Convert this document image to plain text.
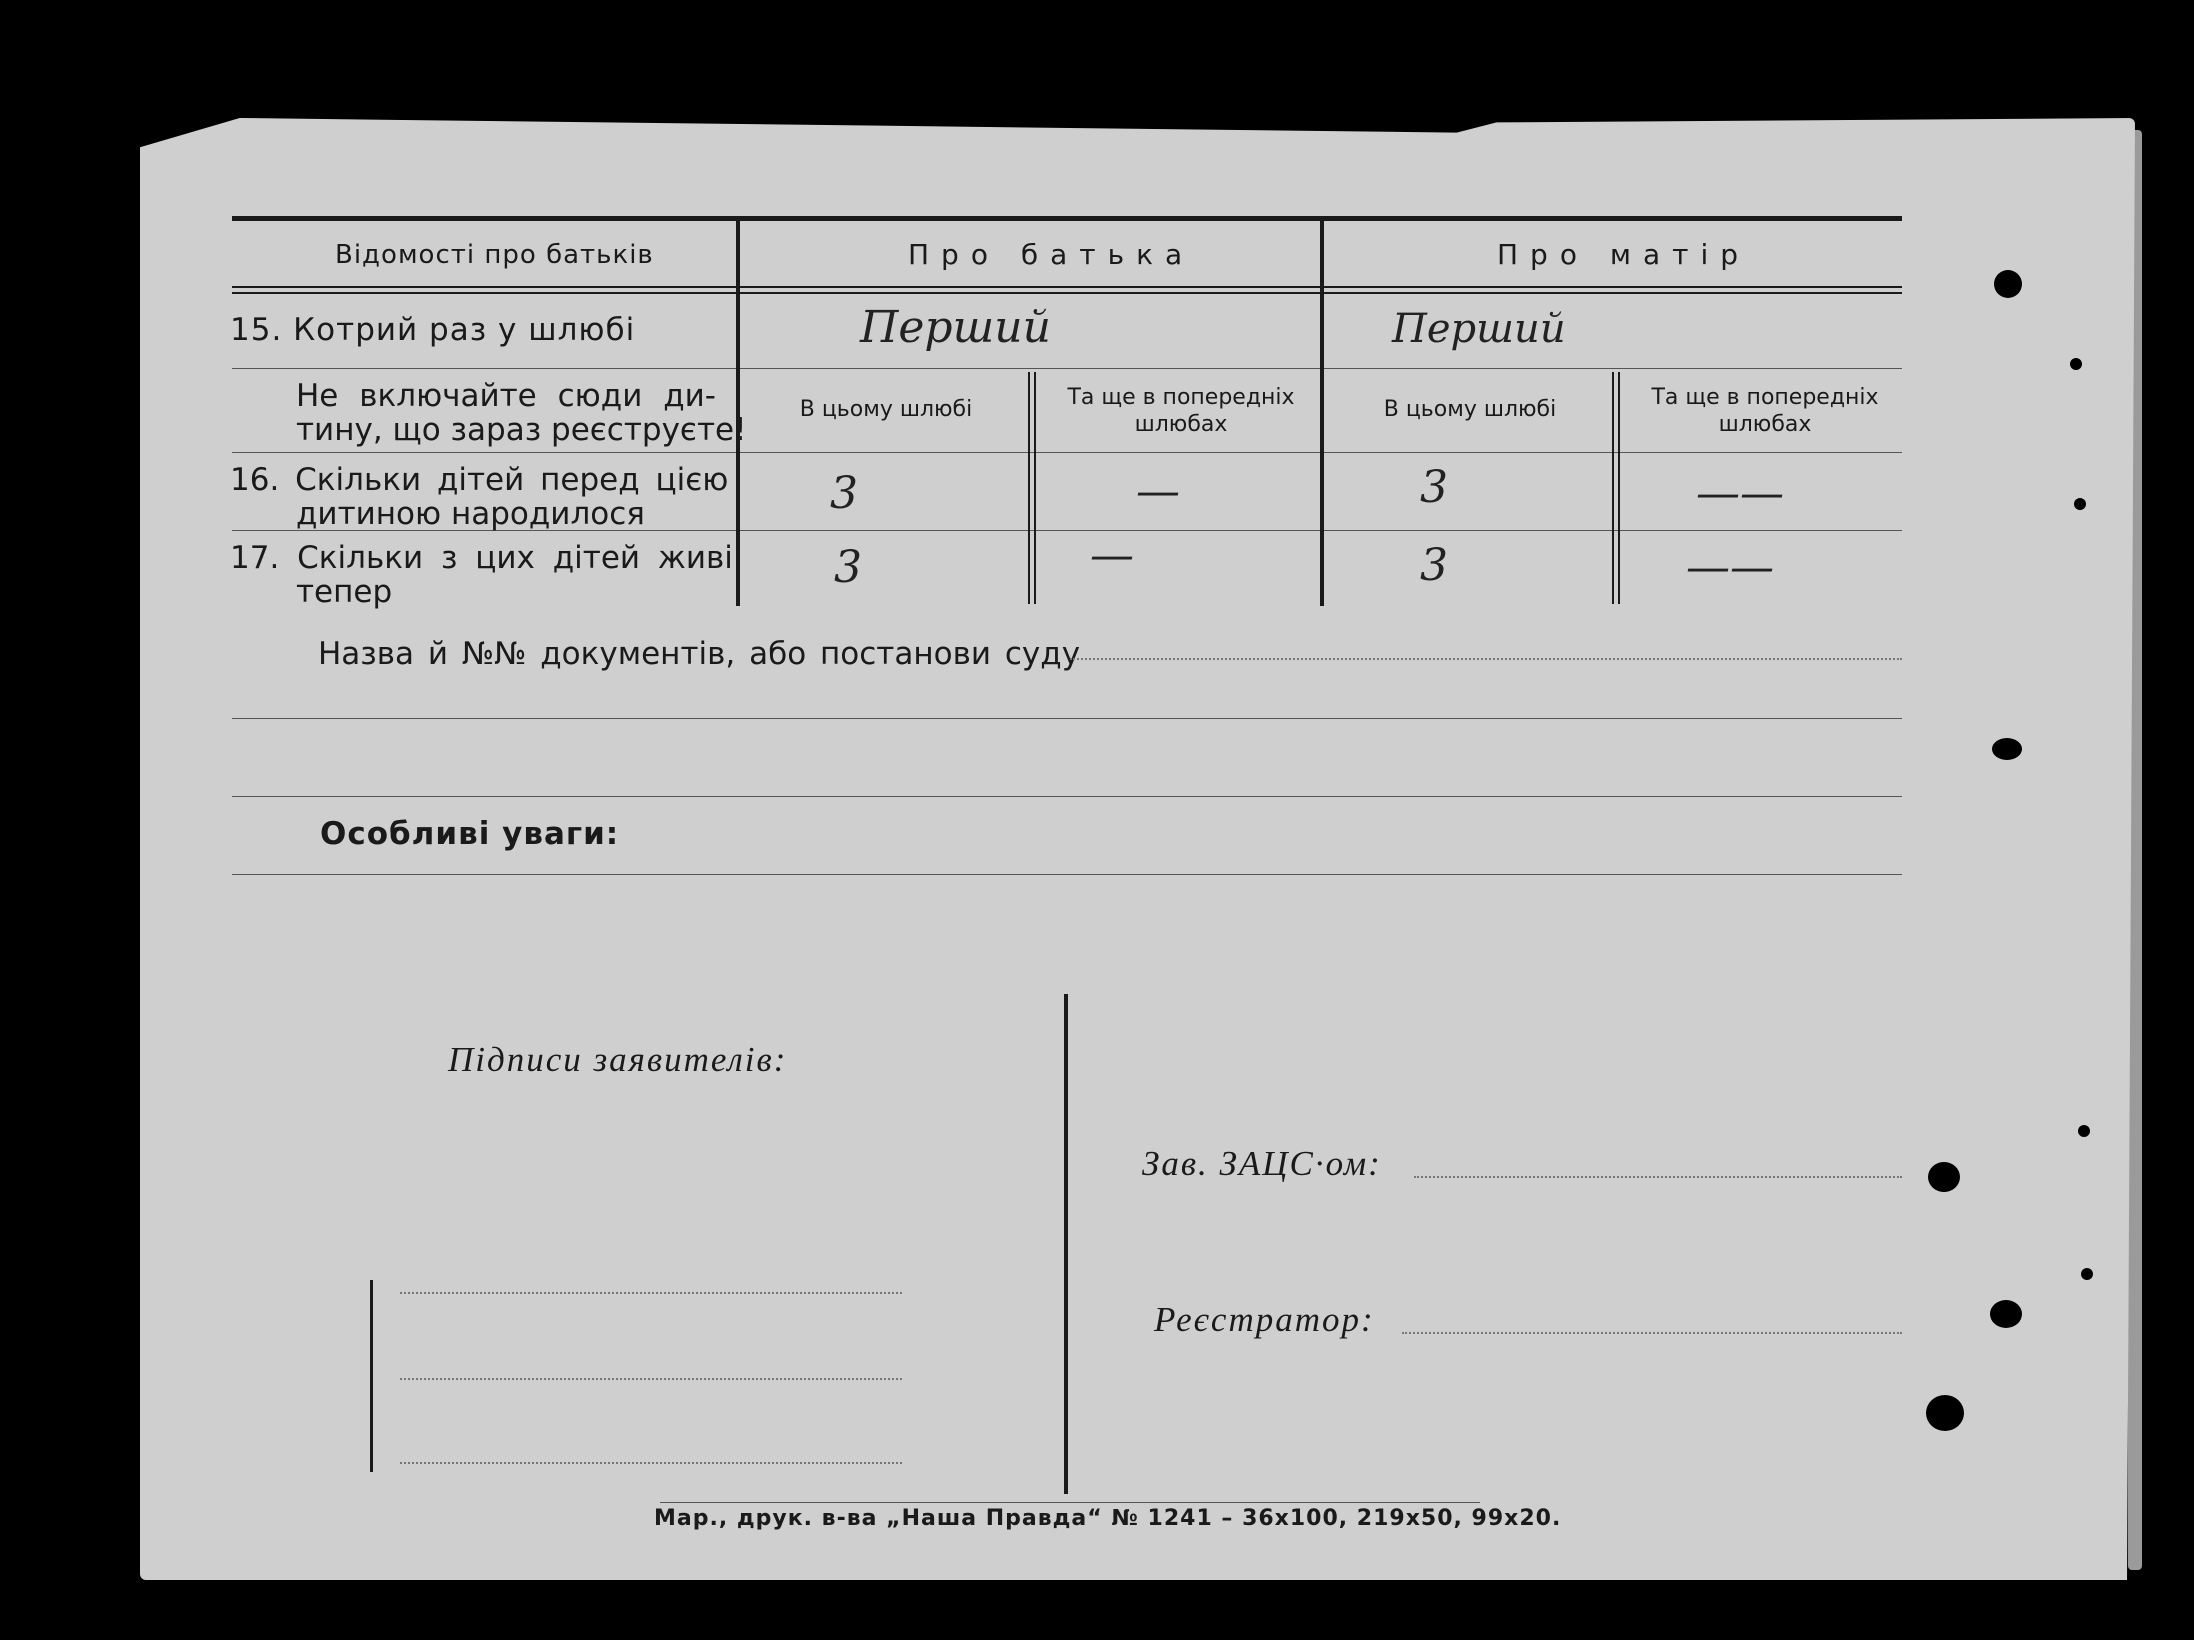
Відомості про батьків	Про батька	Про матір
15. Котрий раз у шлюбі	Перший	Перший
Не включайте сюди ди-
тину, що зараз реєструєте!
В цьому шлюбі	Та ще в попередніх шлюбах
В цьому шлюбі	Та ще в попередніх шлюбах
16. Скільки дітей перед цією
дитиною народилося	3	—	3	——
17. Скільки з цих дітей живі
тепер	3	—	3	——
Назва й №№ документів, або постанови суду
Особливі уваги:
Підписи заявителів:
Зав. ЗАЦС·ом:
Реєстратор:
Мар., друк. в-ва „Наша Правда“ № 1241 – 36x100, 219x50, 99x20.
